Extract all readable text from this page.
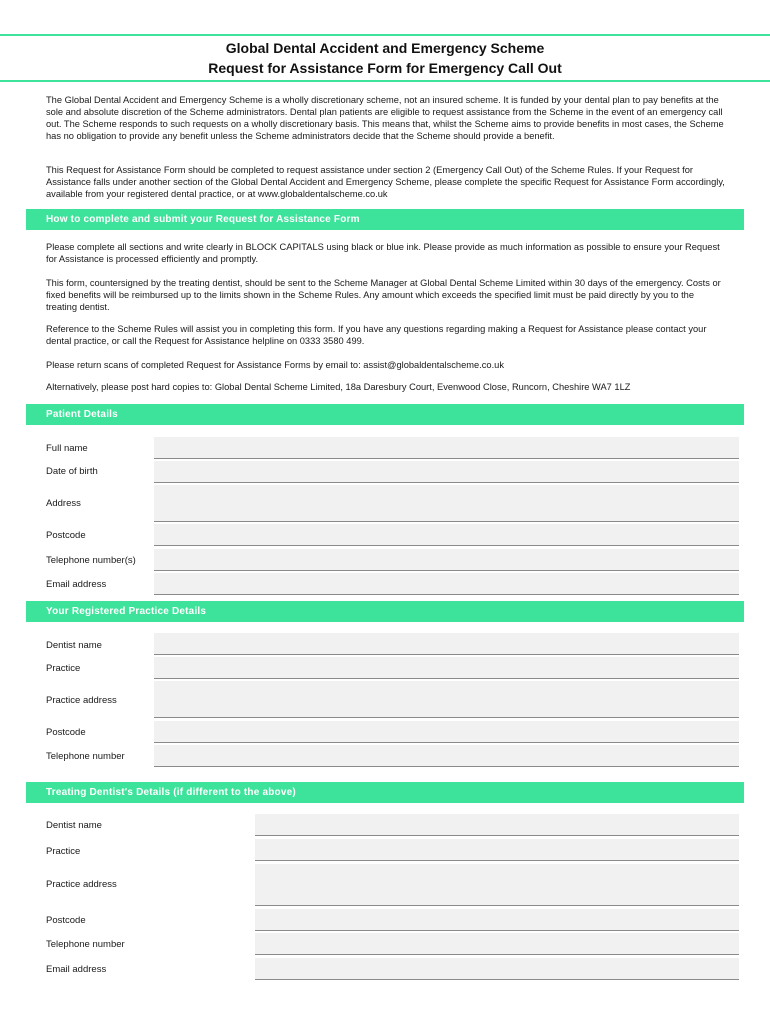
Global Dental Accident and Emergency Scheme
Request for Assistance Form for Emergency Call Out

The Global Dental Accident and Emergency Scheme is a wholly discretionary scheme, not an insured scheme. It is funded by your dental plan to pay benefits at the sole and absolute discretion of the Scheme administrators. Dental plan patients are eligible to request assistance from the Scheme in the event of an emergency call out. The Scheme responds to such requests on a wholly discretionary basis. This means that, whilst the Scheme aims to provide benefits in most cases, the Scheme has no obligation to provide any benefit unless the Scheme administrators decide that the Scheme should provide a benefit.

This Request for Assistance Form should be completed to request assistance under section 2 (Emergency Call Out) of the Scheme Rules. If your Request for Assistance falls under another section of the Global Dental Accident and Emergency Scheme, please complete the specific Request for Assistance Form accordingly, available from your registered dental practice, or at www.globaldentalscheme.co.uk

How to complete and submit your Request for Assistance Form

Please complete all sections and write clearly in BLOCK CAPITALS using black or blue ink. Please provide as much information as possible to ensure your Request for Assistance is processed efficiently and promptly.

This form, countersigned by the treating dentist, should be sent to the Scheme Manager at Global Dental Scheme Limited within 30 days of the emergency. Costs or fixed benefits will be reimbursed up to the limits shown in the Scheme Rules. Any amount which exceeds the specified limit must be paid directly by you to the treating dentist.

Reference to the Scheme Rules will assist you in completing this form. If you have any questions regarding making a Request for Assistance please contact your dental practice, or call the Request for Assistance helpline on 0333 3580 499.

Please return scans of completed Request for Assistance Forms by email to: assist@globaldentalscheme.co.uk

Alternatively, please post hard copies to: Global Dental Scheme Limited, 18a Daresbury Court, Evenwood Close, Runcorn, Cheshire WA7 1LZ

Patient Details
Full name
Date of birth
Address
Postcode
Telephone number(s)
Email address
Your Registered Practice Details
Dentist name
Practice
Practice address
Postcode
Telephone number
Treating Dentist's Details (if different to the above)
Dentist name
Practice
Practice address
Postcode
Telephone number
Email address
